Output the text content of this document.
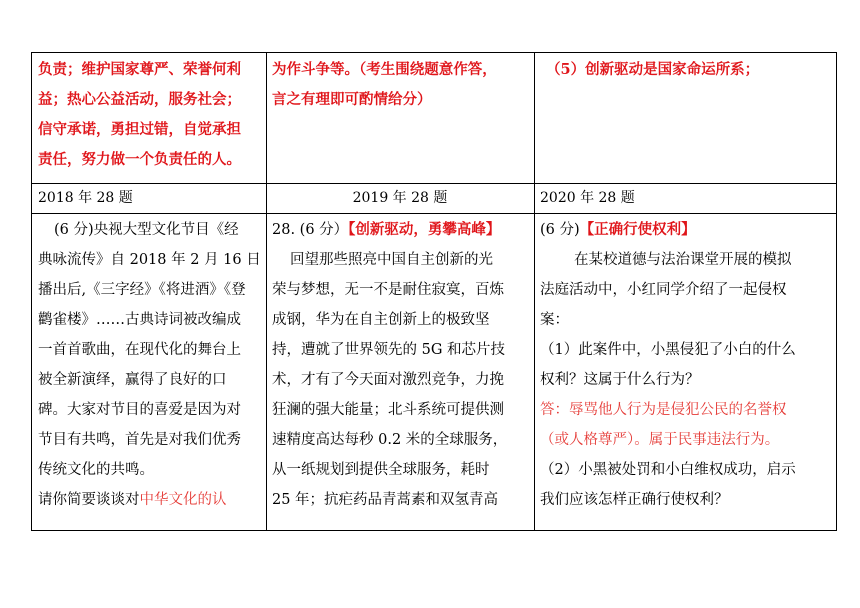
负责；维护国家尊严、荣誉何利
益；热心公益活动，服务社会；
信守承诺，勇担过错，自觉承担
责任，努力做一个负责任的人。
为作斗争等。（考生围绕题意作答，
言之有理即可酌情给分）
（5）创新驱动是国家命运所系；
2018 年 28 题	2019 年 28 题	2020 年 28 题
(6 分)央视大型文化节目《经
典咏流传》自 2018 年 2 月 16 日
播出后,《三字经》《将进酒》《登
鹳雀楼》……古典诗词被改编成
一首首歌曲，在现代化的舞台上
被全新演绎，赢得了良好的口
碑。大家对节目的喜爱是因为对
节目有共鸣，首先是对我们优秀
传统文化的共鸣。
请你简要谈谈对中华文化的认
28. (6 分）【创新驱动，勇攀高峰】
回望那些照亮中国自主创新的光
荣与梦想，无一不是耐住寂寞，百炼
成钢，华为在自主创新上的极致坚
持，遭就了世界领先的 5G 和芯片技
术，才有了今天面对激烈竞争，力挽
狂澜的强大能量；北斗系统可提供测
速精度高达每秒 0.2 米的全球服务，
从一纸规划到提供全球服务，耗时
25 年；抗疟药品青蒿素和双氢青高
(6 分)【正确行使权利】
在某校道德与法治课堂开展的模拟
法庭活动中，小红同学介绍了一起侵权
案：
（1）此案件中，小黑侵犯了小白的什么
权利？这属于什么行为？
答：辱骂他人行为是侵犯公民的名誉权
（或人格尊严）。属于民事违法行为。
（2）小黑被处罚和小白维权成功，启示
我们应该怎样正确行使权利？
